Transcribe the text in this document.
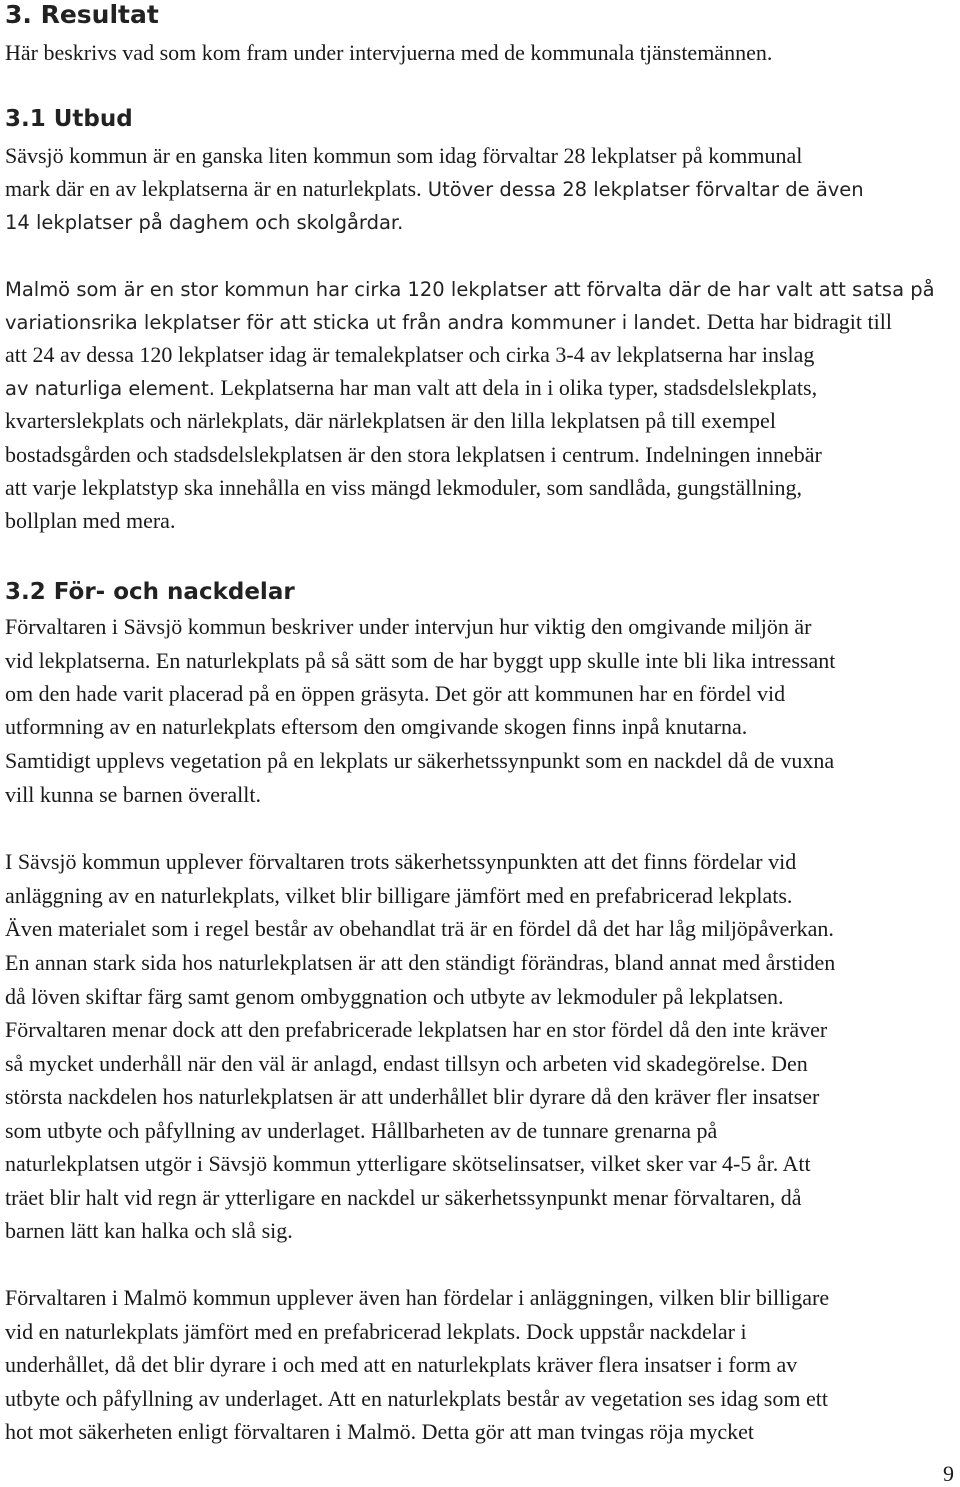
3. Resultat
Här beskrivs vad som kom fram under intervjuerna med de kommunala tjänstemännen.
3.1 Utbud
Sävsjö kommun är en ganska liten kommun som idag förvaltar 28 lekplatser på kommunal
mark där en av lekplatserna är en naturlekplats. Utöver dessa 28 lekplatser förvaltar de även
14 lekplatser på daghem och skolgårdar.
Malmö som är en stor kommun har cirka 120 lekplatser att förvalta där de har valt att satsa på
variationsrika lekplatser för att sticka ut från andra kommuner i landet. Detta har bidragit till
att 24 av dessa 120 lekplatser idag är temalekplatser och cirka 3-4 av lekplatserna har inslag
av naturliga element. Lekplatserna har man valt att dela in i olika typer, stadsdelslekplats,
kvarterslekplats och närlekplats, där närlekplatsen är den lilla lekplatsen på till exempel
bostadsgården och stadsdelslekplatsen är den stora lekplatsen i centrum. Indelningen innebär
att varje lekplatstyp ska innehålla en viss mängd lekmoduler, som sandlåda, gungställning,
bollplan med mera.
3.2 För- och nackdelar
Förvaltaren i Sävsjö kommun beskriver under intervjun hur viktig den omgivande miljön är
vid lekplatserna. En naturlekplats på så sätt som de har byggt upp skulle inte bli lika intressant
om den hade varit placerad på en öppen gräsyta. Det gör att kommunen har en fördel vid
utformning av en naturlekplats eftersom den omgivande skogen finns inpå knutarna.
Samtidigt upplevs vegetation på en lekplats ur säkerhetssynpunkt som en nackdel då de vuxna
vill kunna se barnen överallt.
I Sävsjö kommun upplever förvaltaren trots säkerhetssynpunkten att det finns fördelar vid
anläggning av en naturlekplats, vilket blir billigare jämfört med en prefabricerad lekplats.
Även materialet som i regel består av obehandlat trä är en fördel då det har låg miljöpåverkan.
En annan stark sida hos naturlekplatsen är att den ständigt förändras, bland annat med årstiden
då löven skiftar färg samt genom ombyggnation och utbyte av lekmoduler på lekplatsen.
Förvaltaren menar dock att den prefabricerade lekplatsen har en stor fördel då den inte kräver
så mycket underhåll när den väl är anlagd, endast tillsyn och arbeten vid skadegörelse. Den
största nackdelen hos naturlekplatsen är att underhållet blir dyrare då den kräver fler insatser
som utbyte och påfyllning av underlaget. Hållbarheten av de tunnare grenarna på
naturlekplatsen utgör i Sävsjö kommun ytterligare skötselinsatser, vilket sker var 4-5 år. Att
träet blir halt vid regn är ytterligare en nackdel ur säkerhetssynpunkt menar förvaltaren, då
barnen lätt kan halka och slå sig.
Förvaltaren i Malmö kommun upplever även han fördelar i anläggningen, vilken blir billigare
vid en naturlekplats jämfört med en prefabricerad lekplats. Dock uppstår nackdelar i
underhållet, då det blir dyrare i och med att en naturlekplats kräver flera insatser i form av
utbyte och påfyllning av underlaget. Att en naturlekplats består av vegetation ses idag som ett
hot mot säkerheten enligt förvaltaren i Malmö. Detta gör att man tvingas röja mycket
9
